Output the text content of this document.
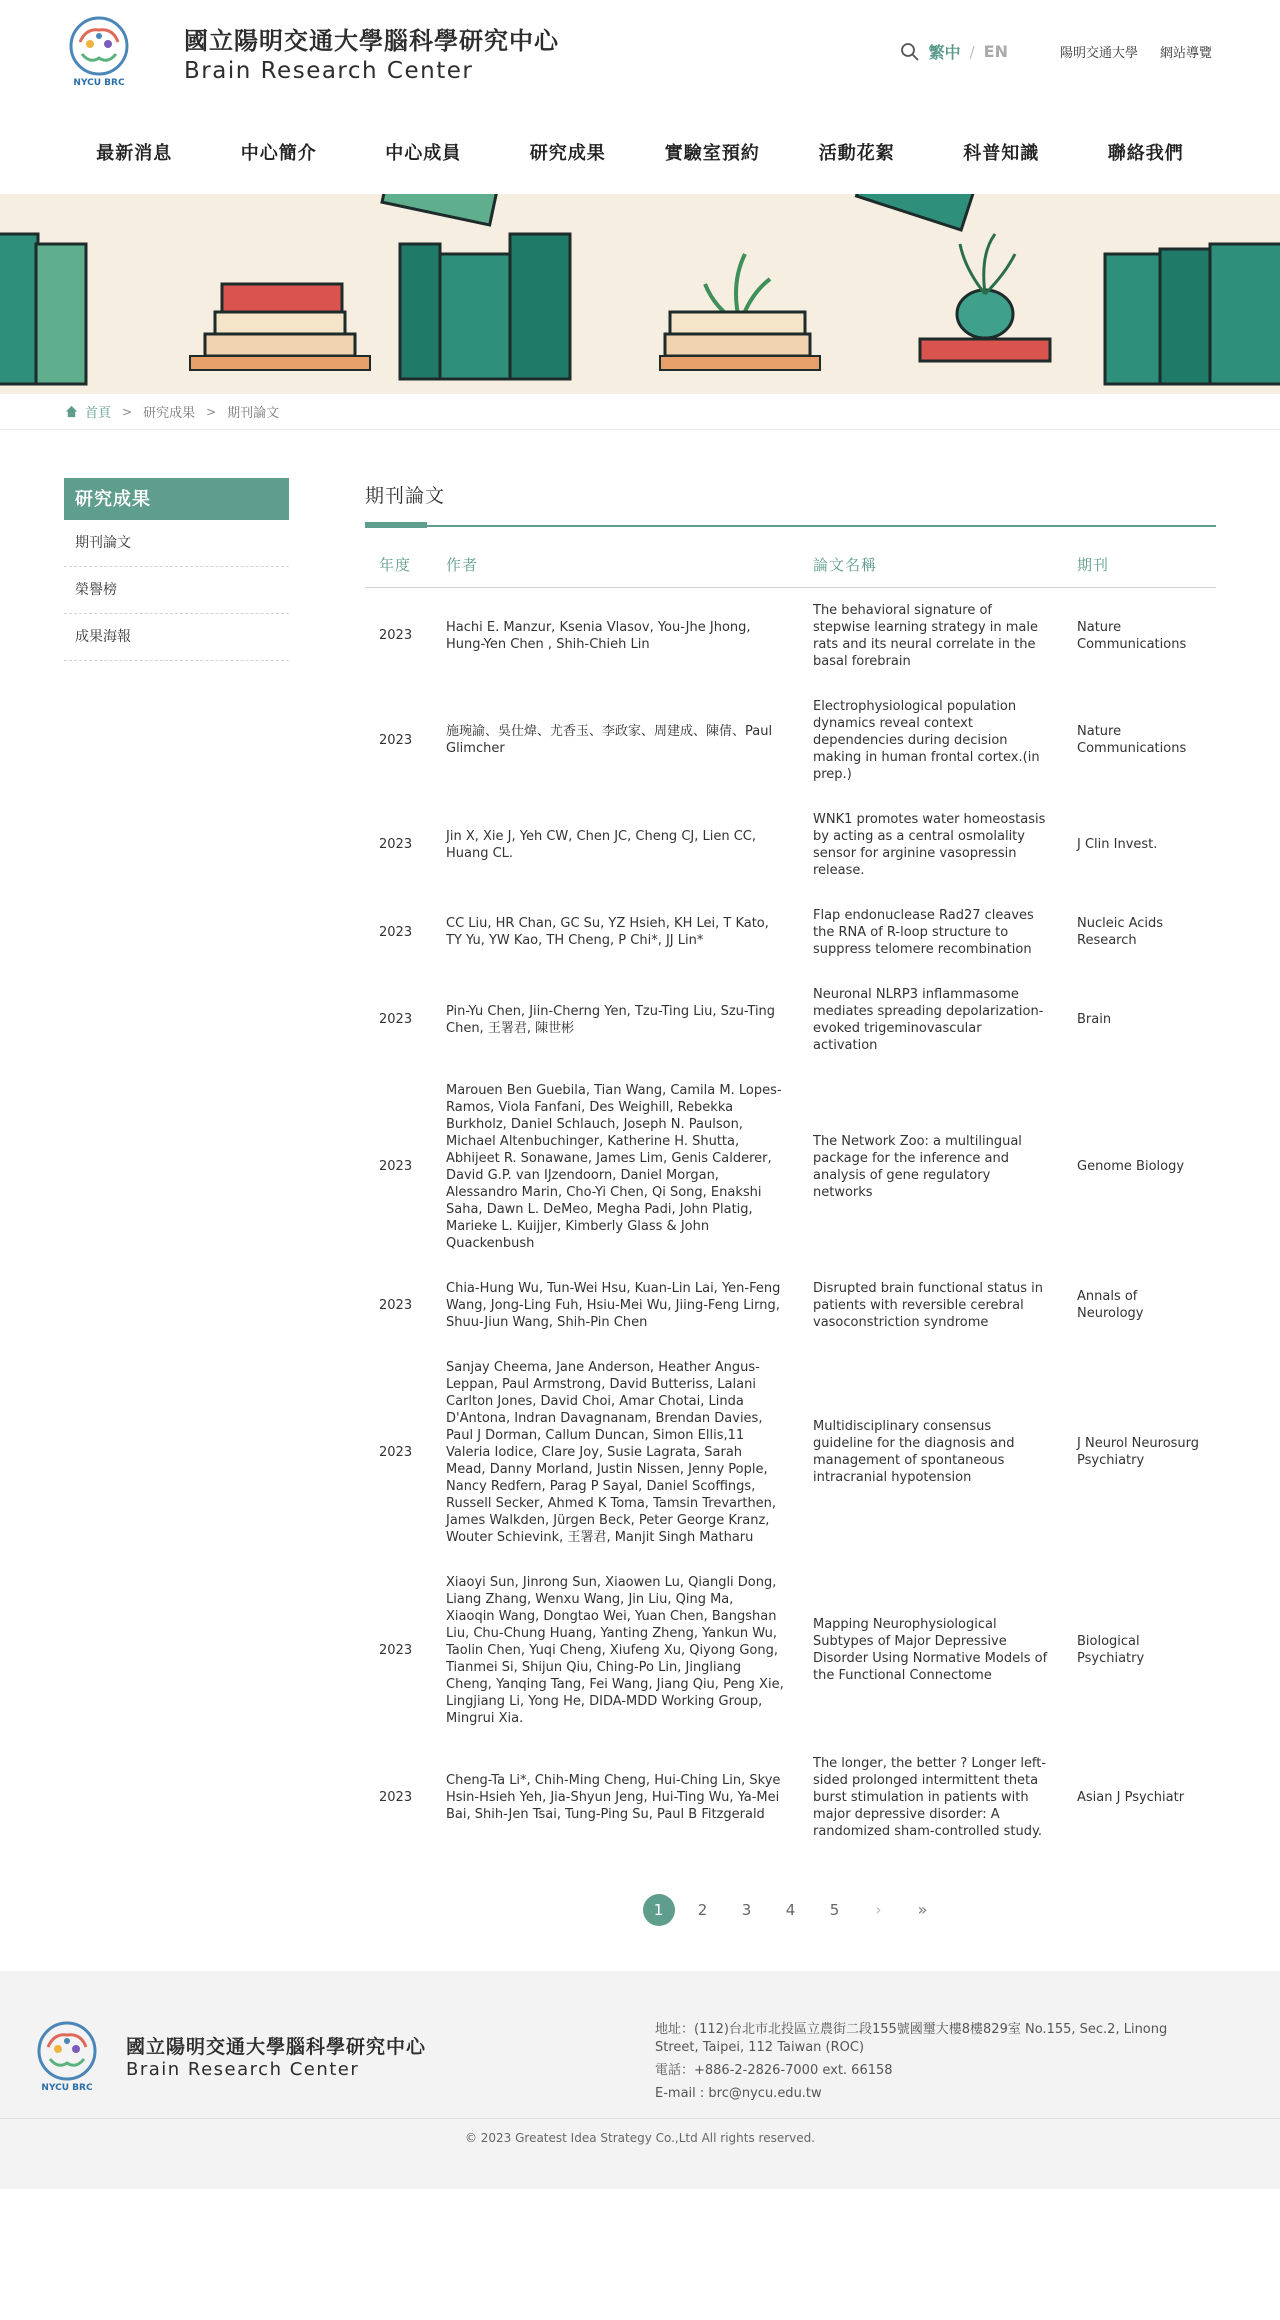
NYCU BRC
國立陽明交通大學腦科學研究中心
Brain Research Center
繁中 / EN	陽明交通大學 網站導覽
最新消息	中心簡介	中心成員	研究成果	實驗室預約	活動花絮	科普知識	聯絡我們
首頁 > 研究成果 > 期刊論文
研究成果
期刊論文
榮譽榜
成果海報
期刊論文
年度	作者	論文名稱	期刊
2023	Hachi E. Manzur, Ksenia Vlasov, You-Jhe Jhong, Hung-Yen Chen , Shih-Chieh Lin	The behavioral signature of stepwise learning strategy in male rats and its neural correlate in the basal forebrain	Nature Communications
2023	施琬諭、吳仕煒、尤香玉、李政家、周建成、陳倩、Paul Glimcher	Electrophysiological population dynamics reveal context dependencies during decision making in human frontal cortex.(in prep.)	Nature Communications
2023	Jin X, Xie J, Yeh CW, Chen JC, Cheng CJ, Lien CC, Huang CL.	WNK1 promotes water homeostasis by acting as a central osmolality sensor for arginine vasopressin release.	J Clin Invest.
2023	CC Liu, HR Chan, GC Su, YZ Hsieh, KH Lei, T Kato, TY Yu, YW Kao, TH Cheng, P Chi*, JJ Lin*	Flap endonuclease Rad27 cleaves the RNA of R-loop structure to suppress telomere recombination	Nucleic Acids Research
2023	Pin-Yu Chen, Jiin-Cherng Yen, Tzu-Ting Liu, Szu-Ting Chen, 王署君, 陳世彬	Neuronal NLRP3 inflammasome mediates spreading depolarization-evoked trigeminovascular activation	Brain
2023	Marouen Ben Guebila, Tian Wang, Camila M. Lopes-Ramos, Viola Fanfani, Des Weighill, Rebekka Burkholz, Daniel Schlauch, Joseph N. Paulson, Michael Altenbuchinger, Katherine H. Shutta, Abhijeet R. Sonawane, James Lim, Genis Calderer, David G.P. van IJzendoorn, Daniel Morgan, Alessandro Marin, Cho-Yi Chen, Qi Song, Enakshi Saha, Dawn L. DeMeo, Megha Padi, John Platig, Marieke L. Kuijjer, Kimberly Glass & John Quackenbush	The Network Zoo: a multilingual package for the inference and analysis of gene regulatory networks	Genome Biology
2023	Chia-Hung Wu, Tun-Wei Hsu, Kuan-Lin Lai, Yen-Feng Wang, Jong-Ling Fuh, Hsiu-Mei Wu, Jiing-Feng Lirng, Shuu-Jiun Wang, Shih-Pin Chen	Disrupted brain functional status in patients with reversible cerebral vasoconstriction syndrome	Annals of Neurology
2023	Sanjay Cheema, Jane Anderson, Heather Angus- Leppan, Paul Armstrong, David Butteriss, Lalani Carlton Jones, David Choi, Amar Chotai, Linda D'Antona, Indran Davagnanam, Brendan Davies, Paul J Dorman, Callum Duncan, Simon Ellis,11 Valeria Iodice, Clare Joy, Susie Lagrata, Sarah Mead, Danny Morland, Justin Nissen, Jenny Pople, Nancy Redfern, Parag P Sayal, Daniel Scoffings, Russell Secker, Ahmed K Toma, Tamsin Trevarthen, James Walkden, Jürgen Beck, Peter George Kranz, Wouter Schievink, 王署君, Manjit Singh Matharu	Multidisciplinary consensus guideline for the diagnosis and management of spontaneous intracranial hypotension	J Neurol Neurosurg Psychiatry
2023	Xiaoyi Sun, Jinrong Sun, Xiaowen Lu, Qiangli Dong, Liang Zhang, Wenxu Wang, Jin Liu, Qing Ma, Xiaoqin Wang, Dongtao Wei, Yuan Chen, Bangshan Liu, Chu-Chung Huang, Yanting Zheng, Yankun Wu, Taolin Chen, Yuqi Cheng, Xiufeng Xu, Qiyong Gong, Tianmei Si, Shijun Qiu, Ching-Po Lin, Jingliang Cheng, Yanqing Tang, Fei Wang, Jiang Qiu, Peng Xie, Lingjiang Li, Yong He, DIDA-MDD Working Group, Mingrui Xia.	Mapping Neurophysiological Subtypes of Major Depressive Disorder Using Normative Models of the Functional Connectome	Biological Psychiatry
2023	Cheng-Ta Li*, Chih-Ming Cheng, Hui-Ching Lin, Skye Hsin-Hsieh Yeh, Jia-Shyun Jeng, Hui-Ting Wu, Ya-Mei Bai, Shih-Jen Tsai, Tung-Ping Su, Paul B Fitzgerald	The longer, the better ? Longer left-sided prolonged intermittent theta burst stimulation in patients with major depressive disorder: A randomized sham-controlled study.	Asian J Psychiatr
1	2	3	4	5	›	»
NYCU BRC
國立陽明交通大學腦科學研究中心
Brain Research Center
地址：(112)台北市北投區立農街二段155號國璽大樓8樓829室 No.155, Sec.2, Linong Street, Taipei, 112 Taiwan (ROC)
電話：+886-2-2826-7000 ext. 66158
E-mail : brc@nycu.edu.tw
© 2023 Greatest Idea Strategy Co.,Ltd All rights reserved.
